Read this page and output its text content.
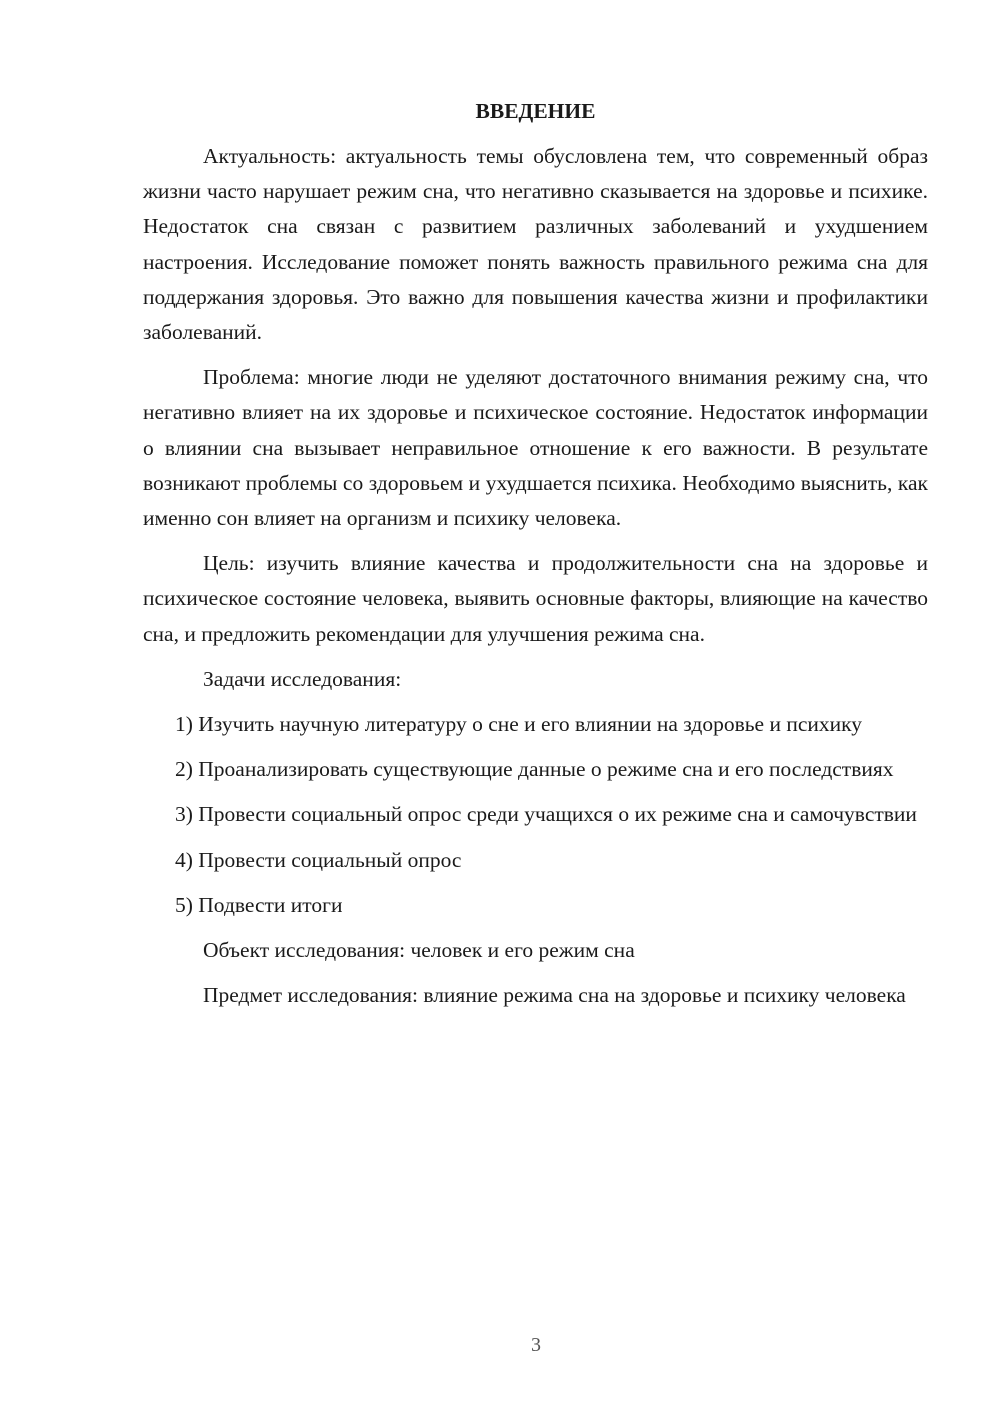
ВВЕДЕНИЕ

Актуальность: актуальность темы обусловлена тем, что современный образ жизни часто нарушает режим сна, что негативно сказывается на здоровье и психике. Недостаток сна связан с развитием различных заболеваний и ухудшением настроения. Исследование поможет понять важность правильного режима сна для поддержания здоровья. Это важно для повышения качества жизни и профилактики заболеваний.

Проблема: многие люди не уделяют достаточного внимания режиму сна, что негативно влияет на их здоровье и психическое состояние. Недостаток информации о влиянии сна вызывает неправильное отношение к его важности. В результате возникают проблемы со здоровьем и ухудшается психика. Необходимо выяснить, как именно сон влияет на организм и психику человека.

Цель: изучить влияние качества и продолжительности сна на здоровье и психическое состояние человека, выявить основные факторы, влияющие на качество сна, и предложить рекомендации для улучшения режима сна.

Задачи исследования:

1) Изучить научную литературу о сне и его влиянии на здоровье и психику

2) Проанализировать существующие данные о режиме сна и его последствиях

3) Провести социальный опрос среди учащихся о их режиме сна и самочувствии

4) Провести социальный опрос

5) Подвести итоги

Объект исследования: человек и его режим сна

Предмет исследования: влияние режима сна на здоровье и психику человека

3
